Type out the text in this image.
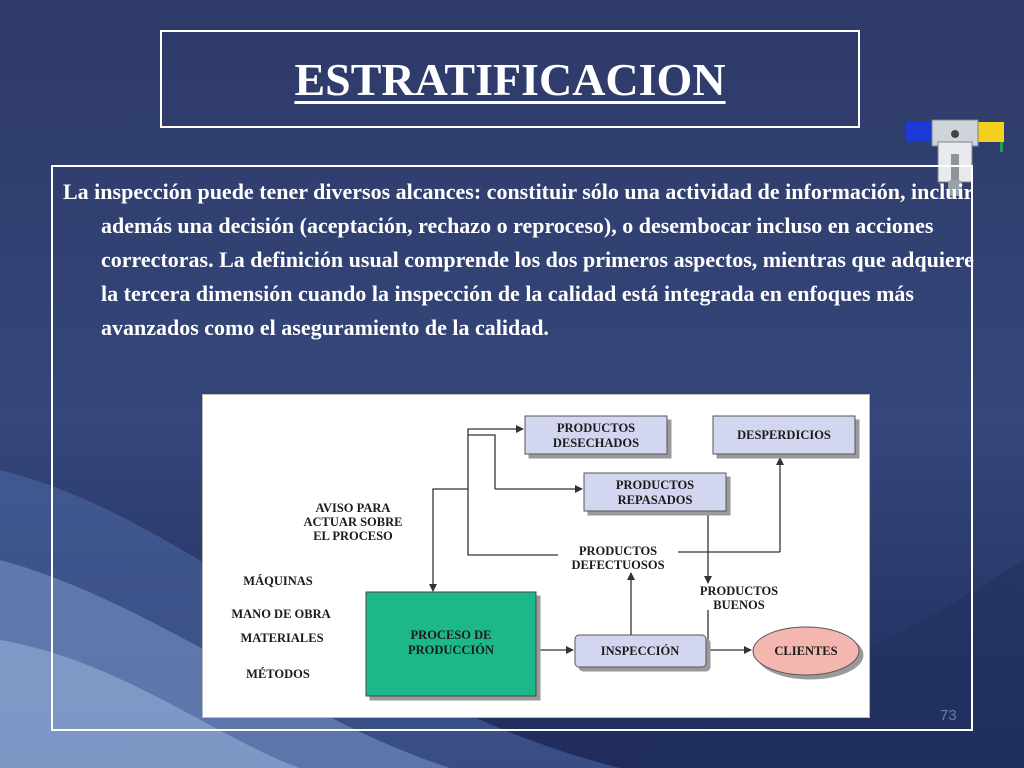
ESTRATIFICACION

La inspección puede tener diversos alcances: constituir sólo una actividad de información, incluir además una decisión (aceptación, rechazo o reproceso), o desembocar incluso en acciones correctoras. La definición usual comprende los dos primeros aspectos, mientras que adquiere la tercera dimensión cuando la inspección de la calidad está integrada en enfoques más avanzados como el aseguramiento de la calidad.

PRODUCTOS
DESECHADOS
DESPERDICIOS
PRODUCTOS
REPASADOS
AVISO PARA
ACTUAR SOBRE
EL PROCESO
PRODUCTOS
DEFECTUOSOS
PRODUCTOS
BUENOS
MÁQUINAS
MANO DE OBRA
MATERIALES
MÉTODOS
PROCESO DE
PRODUCCIÓN	INSPECCIÓN	CLIENTES
73
